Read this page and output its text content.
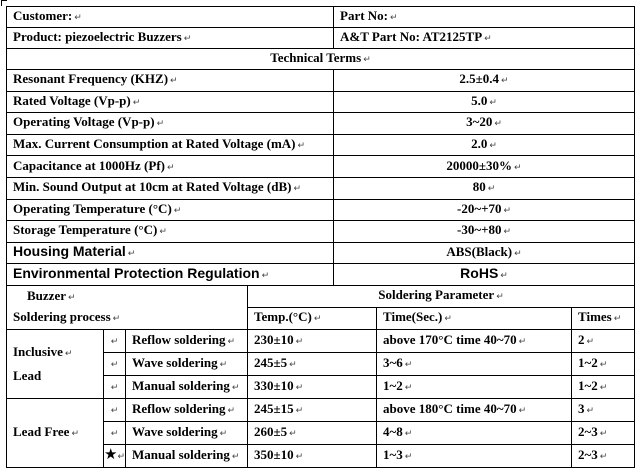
Customer: ↵	Part No: ↵
Product: piezoelectric Buzzers ↵	A&T Part No: AT2125TP ↵
Technical Terms ↵	
Resonant Frequency (KHZ) ↵	2.5±0.4 ↵
Rated Voltage (Vp-p) ↵	5.0 ↵
Operating Voltage (Vp-p) ↵	3~20 ↵
Max. Current Consumption at Rated Voltage (mA) ↵	2.0 ↵
Capacitance at 1000Hz (Pf) ↵	20000±30% ↵
Min. Sound Output at 10cm at Rated Voltage (dB) ↵	80 ↵
Operating Temperature (°C) ↵	-20~+70 ↵
Storage Temperature (°C) ↵	-30~+80 ↵
Housing Material ↵	ABS(Black) ↵
Environmental Protection Regulation ↵	RoHS ↵
Buzzer ↵			Soldering Parameter ↵		
Soldering process ↵			Temp.(°C) ↵	Time(Sec.) ↵	Times ↵
Inclusive ↵
Lead	↵	Reflow soldering ↵	230±10 ↵	above 170°C time 40~70 ↵	2 ↵
	↵	Wave soldering ↵	245±5 ↵	3~6 ↵	1~2 ↵
	↵	Manual soldering ↵	330±10 ↵	1~2 ↵	1~2 ↵
Lead Free ↵	↵	Reflow soldering ↵	245±15 ↵	above 180°C time 40~70 ↵	3 ↵
	↵	Wave soldering ↵	260±5 ↵	4~8 ↵	2~3 ↵
	★↵	Manual soldering ↵	350±10 ↵	1~3 ↵	2~3 ↵
